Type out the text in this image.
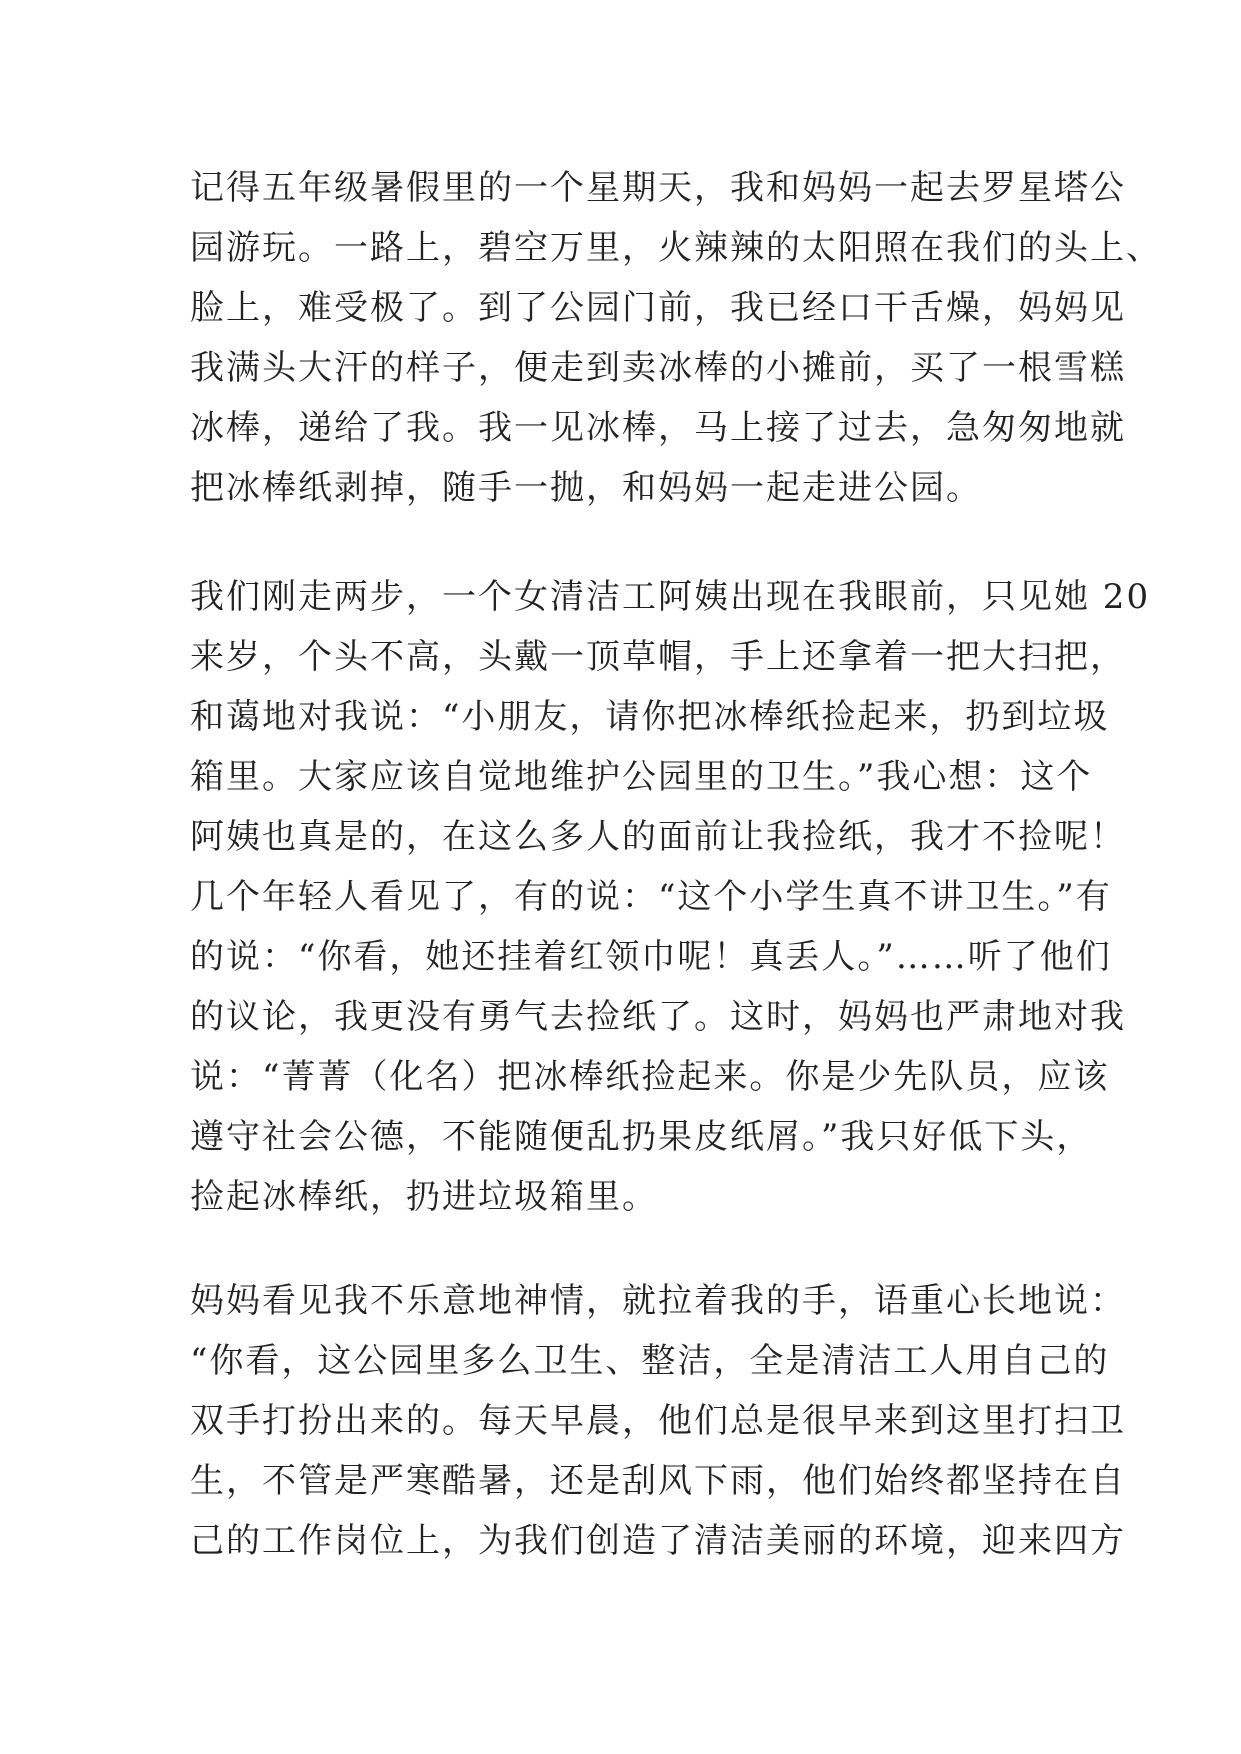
记得五年级暑假里的一个星期天，我和妈妈一起去罗星塔公
园游玩。一路上，碧空万里，火辣辣的太阳照在我们的头上、
脸上，难受极了。到了公园门前，我已经口干舌燥，妈妈见
我满头大汗的样子，便走到卖冰棒的小摊前，买了一根雪糕
冰棒，递给了我。我一见冰棒，马上接了过去，急匆匆地就
把冰棒纸剥掉，随手一抛，和妈妈一起走进公园。
我们刚走两步，一个女清洁工阿姨出现在我眼前，只见她 20
来岁，个头不高，头戴一顶草帽，手上还拿着一把大扫把，
和蔼地对我说：“小朋友，请你把冰棒纸捡起来，扔到垃圾
箱里。大家应该自觉地维护公园里的卫生。”我心想：这个
阿姨也真是的，在这么多人的面前让我捡纸，我才不捡呢！
几个年轻人看见了，有的说：“这个小学生真不讲卫生。”有
的说：“你看，她还挂着红领巾呢！真丢人。”……听了他们
的议论，我更没有勇气去捡纸了。这时，妈妈也严肃地对我
说：“菁菁（化名）把冰棒纸捡起来。你是少先队员，应该
遵守社会公德，不能随便乱扔果皮纸屑。”我只好低下头，
捡起冰棒纸，扔进垃圾箱里。
妈妈看见我不乐意地神情，就拉着我的手，语重心长地说：
“你看，这公园里多么卫生、整洁，全是清洁工人用自己的
双手打扮出来的。每天早晨，他们总是很早来到这里打扫卫
生，不管是严寒酷暑，还是刮风下雨，他们始终都坚持在自
己的工作岗位上，为我们创造了清洁美丽的环境，迎来四方
